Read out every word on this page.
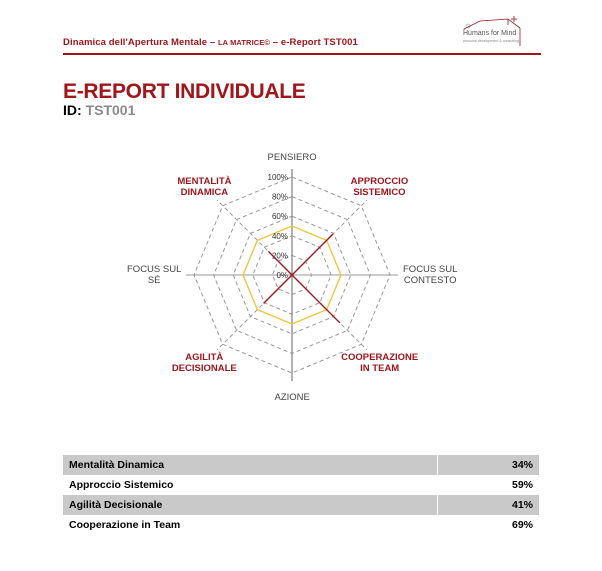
Dinamica dell'Apertura Mentale – LA MATRICE© – e-Report TST001
Humans for Mind
personal development & consulting
E-REPORT INDIVIDUALE
ID: TST001
0%
20%
40%
60%
80%
100%
PENSIERO
APPROCCIO
SISTEMICO
FOCUS SUL
CONTESTO
COOPERAZIONE
IN TEAM
AZIONE
AGILITÀ
DECISIONALE
FOCUS SUL
SÉ
MENTALITÀ
DINAMICA
Mentalità Dinamica	34%
Approccio Sistemico	59%
Agilità Decisionale	41%
Cooperazione in Team	69%
